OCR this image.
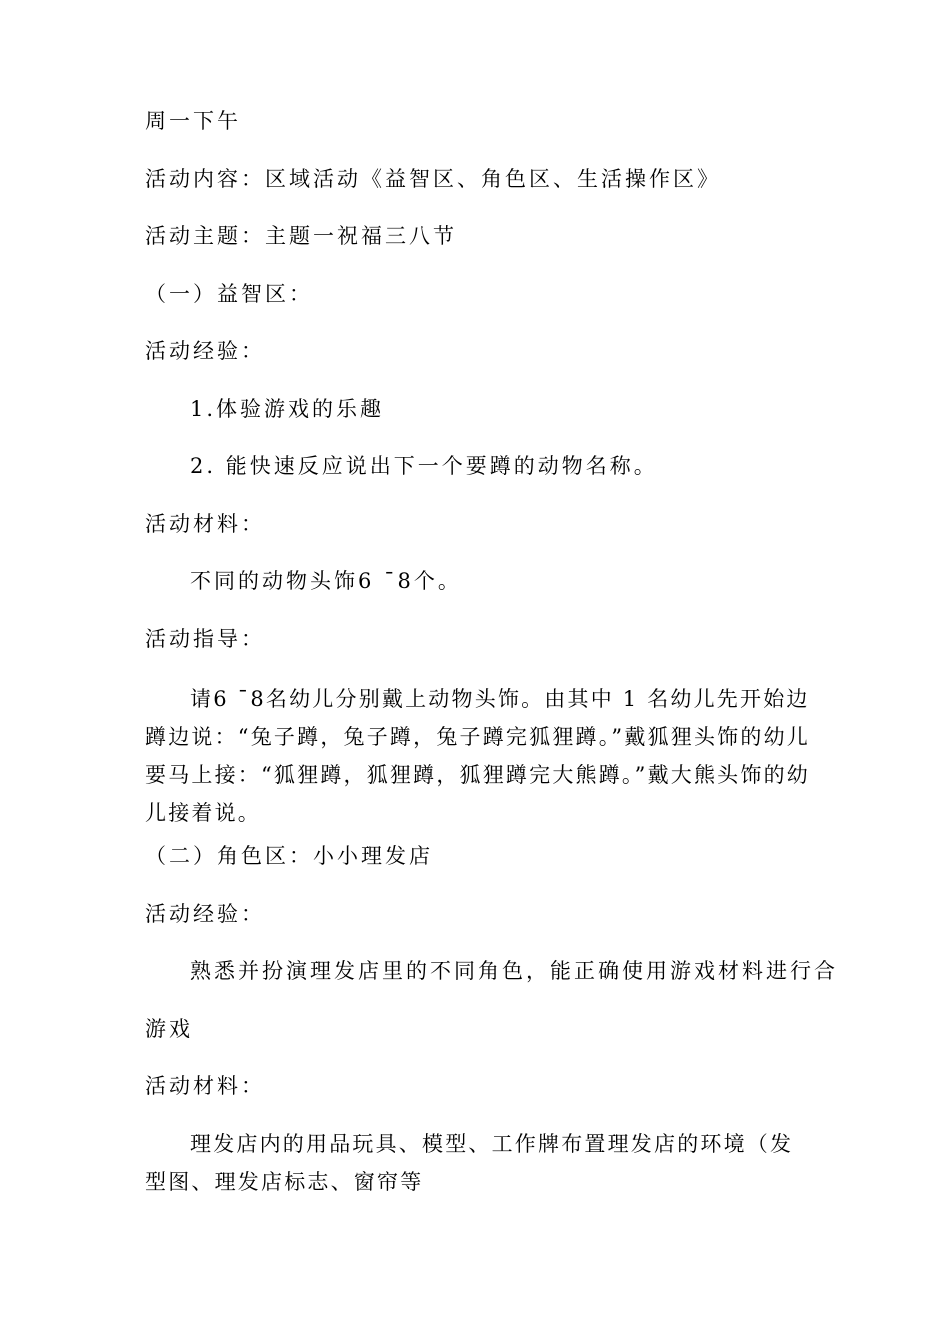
周一下午
活动内容：区域活动《益智区、角色区、生活操作区》
活动主题：主题一祝福三八节
（一）益智区：
活动经验：
1.体验游戏的乐趣
2. 能快速反应说出下一个要蹲的动物名称。
活动材料：
不同的动物头饰6 ¯8个。
活动指导：
请6 ¯8名幼儿分别戴上动物头饰。由其中 1 名幼儿先开始边蹲边说：“兔子蹲，兔子蹲，兔子蹲完狐狸蹲。”戴狐狸头饰的幼儿要马上接：“狐狸蹲，狐狸蹲，狐狸蹲完大熊蹲。”戴大熊头饰的幼儿接着说。
（二）角色区：小小理发店
活动经验：
熟悉并扮演理发店里的不同角色，能正确使用游戏材料进行合
游戏
活动材料：
理发店内的用品玩具、模型、工作牌布置理发店的环境（发型图、理发店标志、窗帘等
